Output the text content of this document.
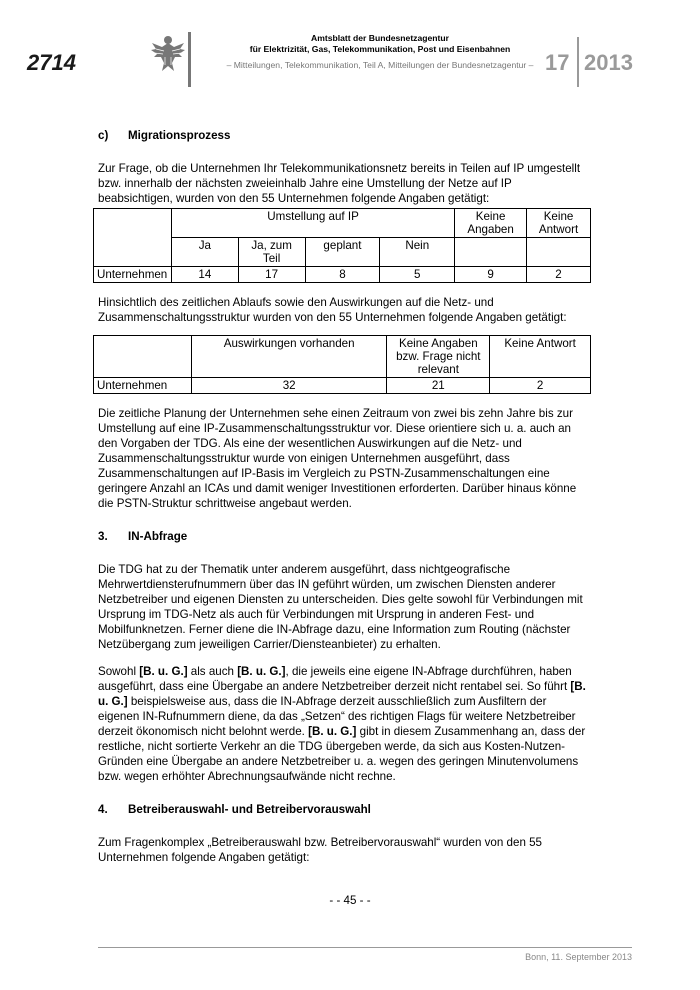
2714
Amtsblatt der Bundesnetzagentur
für Elektrizität, Gas, Telekommunikation, Post und Eisenbahnen
– Mitteilungen, Telekommunikation, Teil A, Mitteilungen der Bundesnetzagentur – 17 2013
c)	Migrationsprozess

Zur Frage, ob die Unternehmen Ihr Telekommunikationsnetz bereits in Teilen auf IP umgestellt bzw. innerhalb der nächsten zweieinhalb Jahre eine Umstellung der Netze auf IP beabsichtigen, wurden von den 55 Unternehmen folgende Angaben getätigt:

	Umstellung auf IP				Keine Angaben	Keine Antwort
	Ja	Ja, zum Teil	geplant	Nein		
Unternehmen	14	17	8	5	9	2

Hinsichtlich des zeitlichen Ablaufs sowie den Auswirkungen auf die Netz- und Zusammenschaltungsstruktur wurden von den 55 Unternehmen folgende Angaben getätigt:

	Auswirkungen vorhanden	Keine Angaben bzw. Frage nicht relevant	Keine Antwort
Unternehmen	32	21	2

Die zeitliche Planung der Unternehmen sehe einen Zeitraum von zwei bis zehn Jahre bis zur Umstellung auf eine IP-Zusammenschaltungsstruktur vor. Diese orientiere sich u. a. auch an den Vorgaben der TDG. Als eine der wesentlichen Auswirkungen auf die Netz- und Zusammenschaltungsstruktur wurde von einigen Unternehmen ausgeführt, dass Zusammenschaltungen auf IP-Basis im Vergleich zu PSTN-Zusammenschaltungen eine geringere Anzahl an ICAs und damit weniger Investitionen erforderten. Darüber hinaus könne die PSTN-Struktur schrittweise angebaut werden.

3.	IN-Abfrage

Die TDG hat zu der Thematik unter anderem ausgeführt, dass nichtgeografische Mehrwertdiensterufnummern über das IN geführt würden, um zwischen Diensten anderer Netzbetreiber und eigenen Diensten zu unterscheiden. Dies gelte sowohl für Verbindungen mit Ursprung im TDG-Netz als auch für Verbindungen mit Ursprung in anderen Fest- und Mobilfunknetzen. Ferner diene die IN-Abfrage dazu, eine Information zum Routing (nächster Netzübergang zum jeweiligen Carrier/Diensteanbieter) zu erhalten.

Sowohl [B. u. G.] als auch [B. u. G.], die jeweils eine eigene IN-Abfrage durchführen, haben ausgeführt, dass eine Übergabe an andere Netzbetreiber derzeit nicht rentabel sei. So führt [B. u. G.] beispielsweise aus, dass die IN-Abfrage derzeit ausschließlich zum Ausfiltern der eigenen IN-Rufnummern diene, da das „Setzen“ des richtigen Flags für weitere Netzbetreiber derzeit ökonomisch nicht belohnt werde. [B. u. G.] gibt in diesem Zusammenhang an, dass der restliche, nicht sortierte Verkehr an die TDG übergeben werde, da sich aus Kosten-Nutzen-Gründen eine Übergabe an andere Netzbetreiber u. a. wegen des geringen Minutenvolumens bzw. wegen erhöhter Abrechnungsaufwände nicht rechne.

4.	Betreiberauswahl- und Betreibervorauswahl

Zum Fragenkomplex „Betreiberauswahl bzw. Betreibervorauswahl“ wurden von den 55 Unternehmen folgende Angaben getätigt:

- - 45 - -
Bonn, 11. September 2013
